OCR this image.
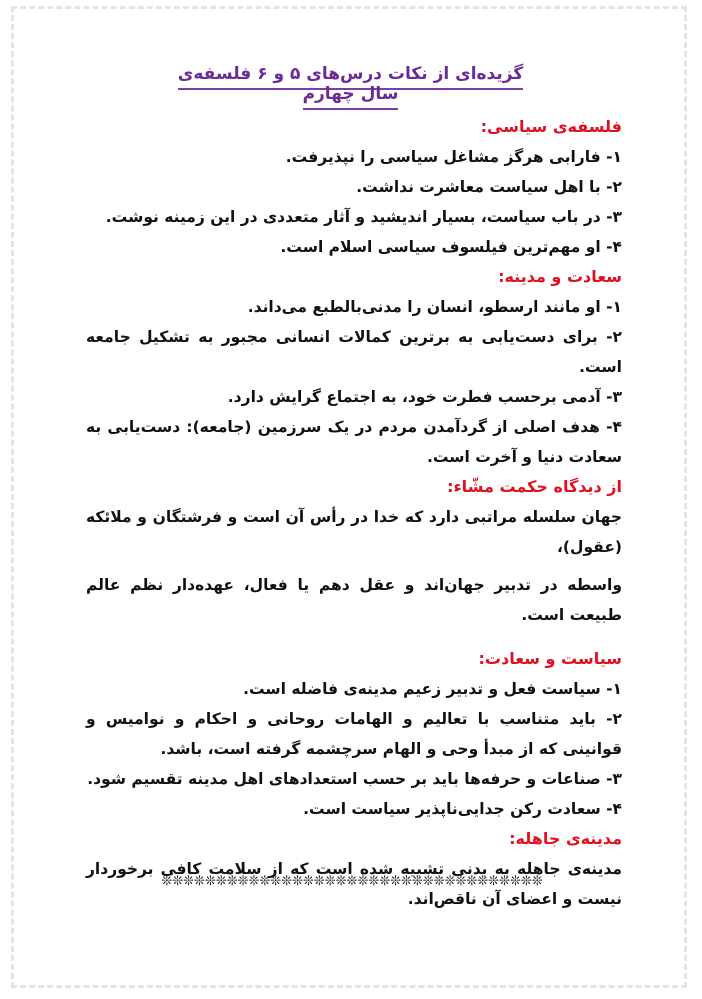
گزیده‌ای از نکات درس‌های ۵ و ۶ فلسفه‌ی سال چهارم
فلسفه‌ی سیاسی:
۱- فارابی هرگز مشاغل سیاسی را نپذیرفت.
۲- با اهل سیاست معاشرت نداشت.
۳- در باب سیاست، بسیار اندیشید و آثار متعددی در این زمینه نوشت.
۴- او مهم‌ترین فیلسوف سیاسی اسلام است.
سعادت و مدینه:
۱- او مانند ارسطو، انسان را مدنی‌بالطبع می‌داند.
۲- برای دست‌یابی به برترین کمالات انسانی مجبور به تشکیل جامعه است.
۳- آدمی برحسب فطرت خود، به اجتماع گرایش دارد.
۴- هدف اصلی از گردآمدن مردم در یک سرزمین (جامعه): دست‌یابی به سعادت دنیا و آخرت است.
از دیدگاه حکمت مشّاء:
جهان سلسله مراتبی دارد که خدا در رأس آن است و فرشتگان و ملائکه (عقول)،
واسطه در تدبیر جهان‌اند و عقل دهم یا فعال، عهده‌دار نظم عالم طبیعت است.
سیاست و سعادت:
۱- سیاست فعل و تدبیر زعیم مدینه‌ی فاضله است.
۲- باید متناسب با تعالیم و الهامات روحانی و احکام و نوامیس و قوانینی که از مبدأ وحی و الهام سرچشمه گرفته است، باشد.
۳- صناعات و حرفه‌ها باید بر حسب استعدادهای اهل مدینه تقسیم شود.
۴- سعادت رکن جدایی‌ناپذیر سیاست است.
مدینه‌ی جاهله:
مدینه‌ی جاهله به بدنی تشبیه شده است که از سلامت کافی برخوردار نیست و اعضای آن ناقص‌اند.
❊❊❊❊❊❊❊❊❊❊❊❊❊❊❊❊❊❊❊❊❊❊❊❊❊❊❊❊❊❊❊❊❊❊❊
